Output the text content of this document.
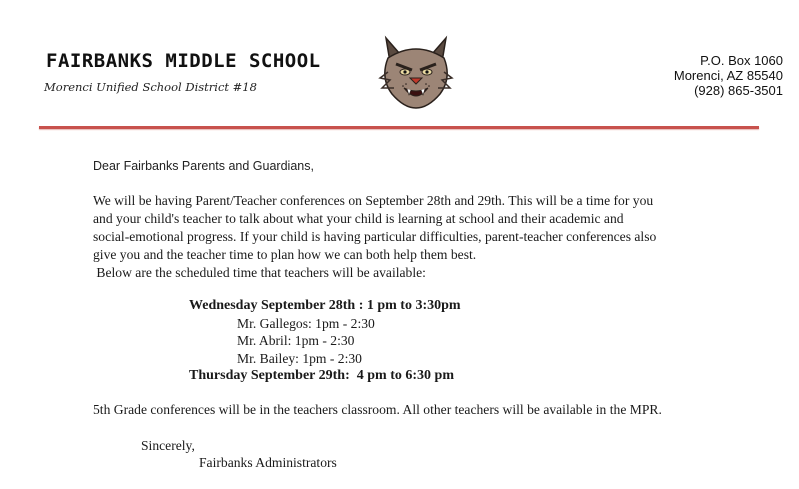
FAIRBANKS MIDDLE SCHOOL
Morenci Unified School District #18
P.O. Box 1060
Morenci, AZ 85540
(928) 865-3501
Dear Fairbanks Parents and Guardians,
We will be having Parent/Teacher conferences on September 28th and 29th. This will be a time for you
and your child's teacher to talk about what your child is learning at school and their academic and
social-emotional progress. If your child is having particular difficulties, parent-teacher conferences also
give you and the teacher time to plan how we can both help them best.
Below are the scheduled time that teachers will be available:
Wednesday September 28th : 1 pm to 3:30pm
Mr. Gallegos: 1pm - 2:30
Mr. Abril: 1pm - 2:30
Mr. Bailey: 1pm - 2:30
Thursday September 29th:  4 pm to 6:30 pm
5th Grade conferences will be in the teachers classroom. All other teachers will be available in the MPR.
Sincerely,
Fairbanks Administrators
